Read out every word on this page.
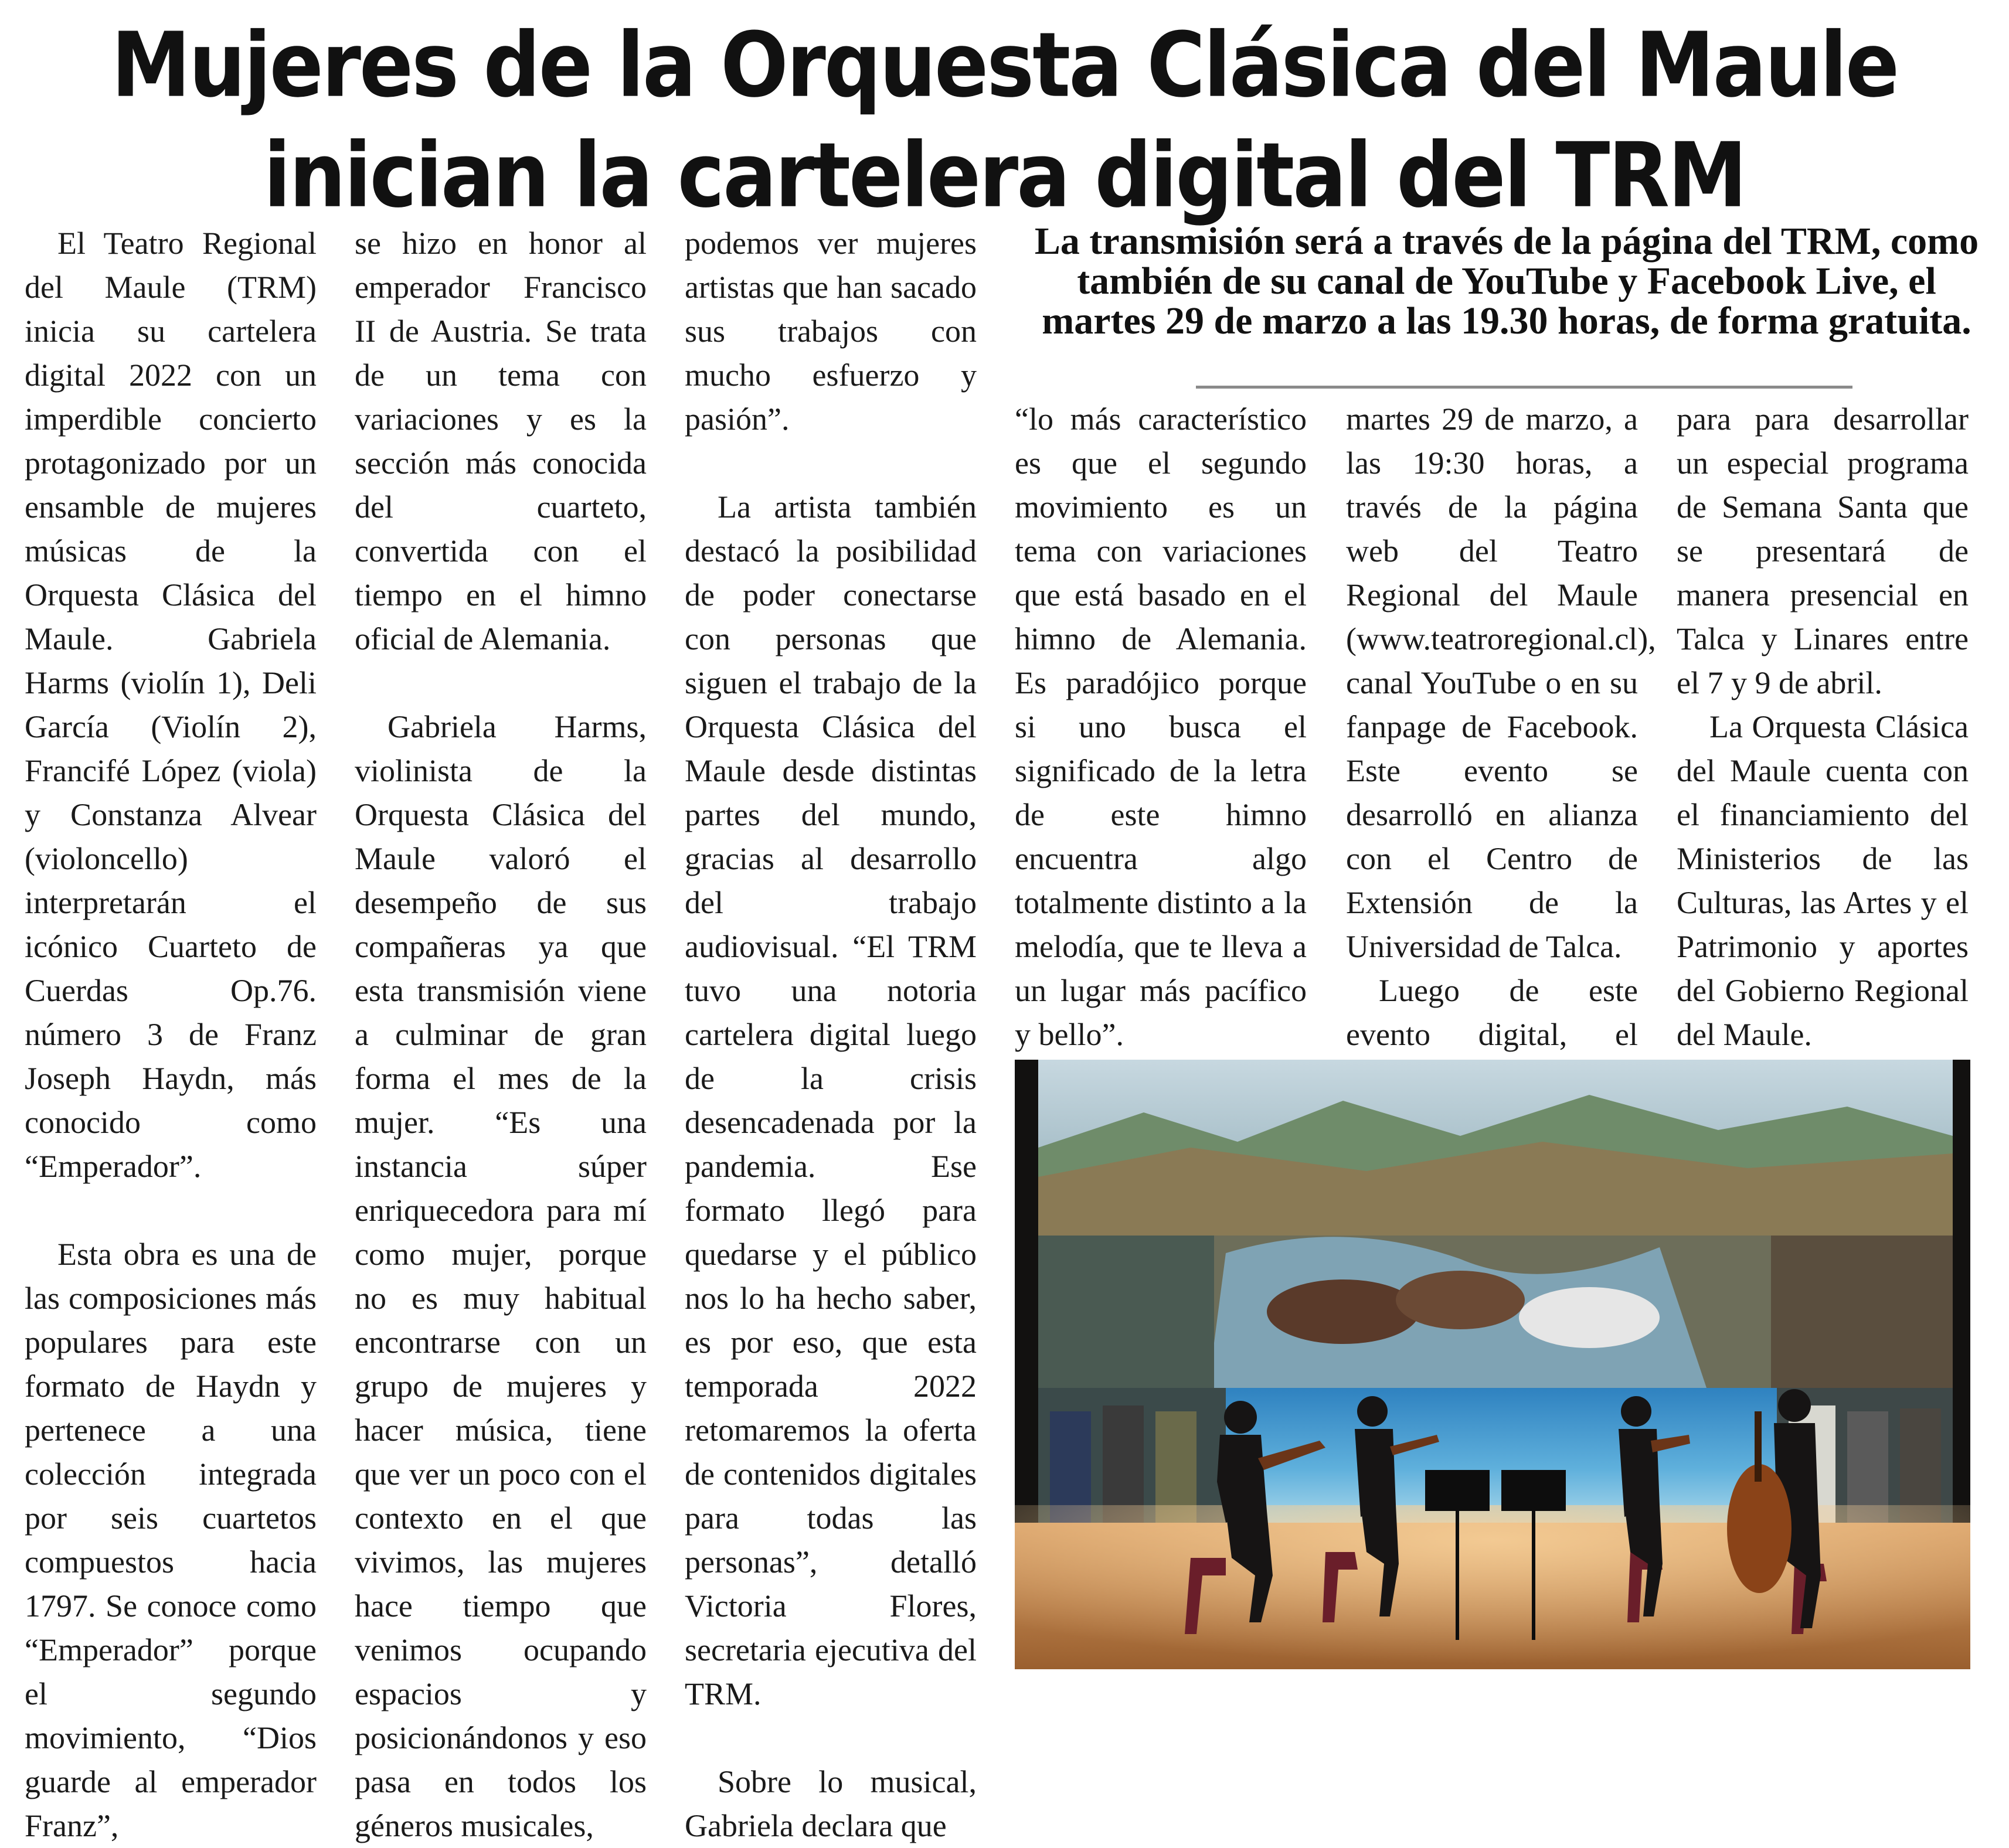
Mujeres de la Orquesta Clásica del Maule
inician la cartelera digital del TRM

El Teatro Regional del Maule (TRM) inicia su cartelera digital 2022 con un imperdible concierto protagonizado por un ensamble de mujeres músicas de la Orquesta Clásica del Maule. Gabriela Harms (violín 1), Deli García (Violín 2), Francifé López (viola) y Constanza Alvear (violoncello) interpretarán el icónico Cuarteto de Cuerdas Op.76. número 3 de Franz Joseph Haydn, más conocido como “Emperador”.

Esta obra es una de las composiciones más populares para este formato de Haydn y pertenece a una colección integrada por seis cuartetos compuestos hacia 1797. Se conoce como “Emperador” porque el segundo movimiento, “Dios guarde al emperador Franz”,

se hizo en honor al emperador Francisco II de Austria. Se trata de un tema con variaciones y es la sección más conocida del cuarteto, convertida con el tiempo en el himno oficial de Alemania.

Gabriela Harms, violinista de la Orquesta Clásica del Maule valoró el desempeño de sus compañeras ya que esta transmisión viene a culminar de gran forma el mes de la mujer. “Es una instancia súper enriquecedora para mí como mujer, porque no es muy habitual encontrarse con un grupo de mujeres y hacer música, tiene que ver un poco con el contexto en el que vivimos, las mujeres hace tiempo que venimos ocupando espacios y posicionándonos y eso pasa en todos los géneros musicales,

podemos ver mujeres artistas que han sacado sus trabajos con mucho esfuerzo y pasión”.

La artista también destacó la posibilidad de poder conectarse con personas que siguen el trabajo de la Orquesta Clásica del Maule desde distintas partes del mundo, gracias al desarrollo del trabajo audiovisual. “El TRM tuvo una notoria cartelera digital luego de la crisis desencadenada por la pandemia. Ese formato llegó para quedarse y el público nos lo ha hecho saber, es por eso, que esta temporada 2022 retomaremos la oferta de contenidos digitales para todas las personas”, detalló Victoria Flores, secretaria ejecutiva del TRM.

Sobre lo musical, Gabriela declara que

La transmisión será a través de la página del TRM, como también de su canal de YouTube y Facebook Live, el martes 29 de marzo a las 19.30 horas, de forma gratuita.

“lo más característico es que el segundo movimiento es un tema con variaciones que está basado en el himno de Alemania. Es paradójico porque si uno busca el significado de la letra de este himno encuentra algo totalmente distinto a la melodía, que te lleva a un lugar más pacífico y bello”.

martes 29 de marzo, a las 19:30 horas, a través de la página web del Teatro Regional del Maule (www.teatroregional.cl), canal YouTube o en su fanpage de Facebook. Este evento se desarrolló en alianza con el Centro de Extensión de la Universidad de Talca.

Luego de este evento digital, el

para para desarrollar un especial programa de Semana Santa que se presentará de manera presencial en Talca y Linares entre el 7 y 9 de abril.

La Orquesta Clásica del Maule cuenta con el financiamiento del Ministerios de las Culturas, las Artes y el Patrimonio y aportes del Gobierno Regional del Maule.
